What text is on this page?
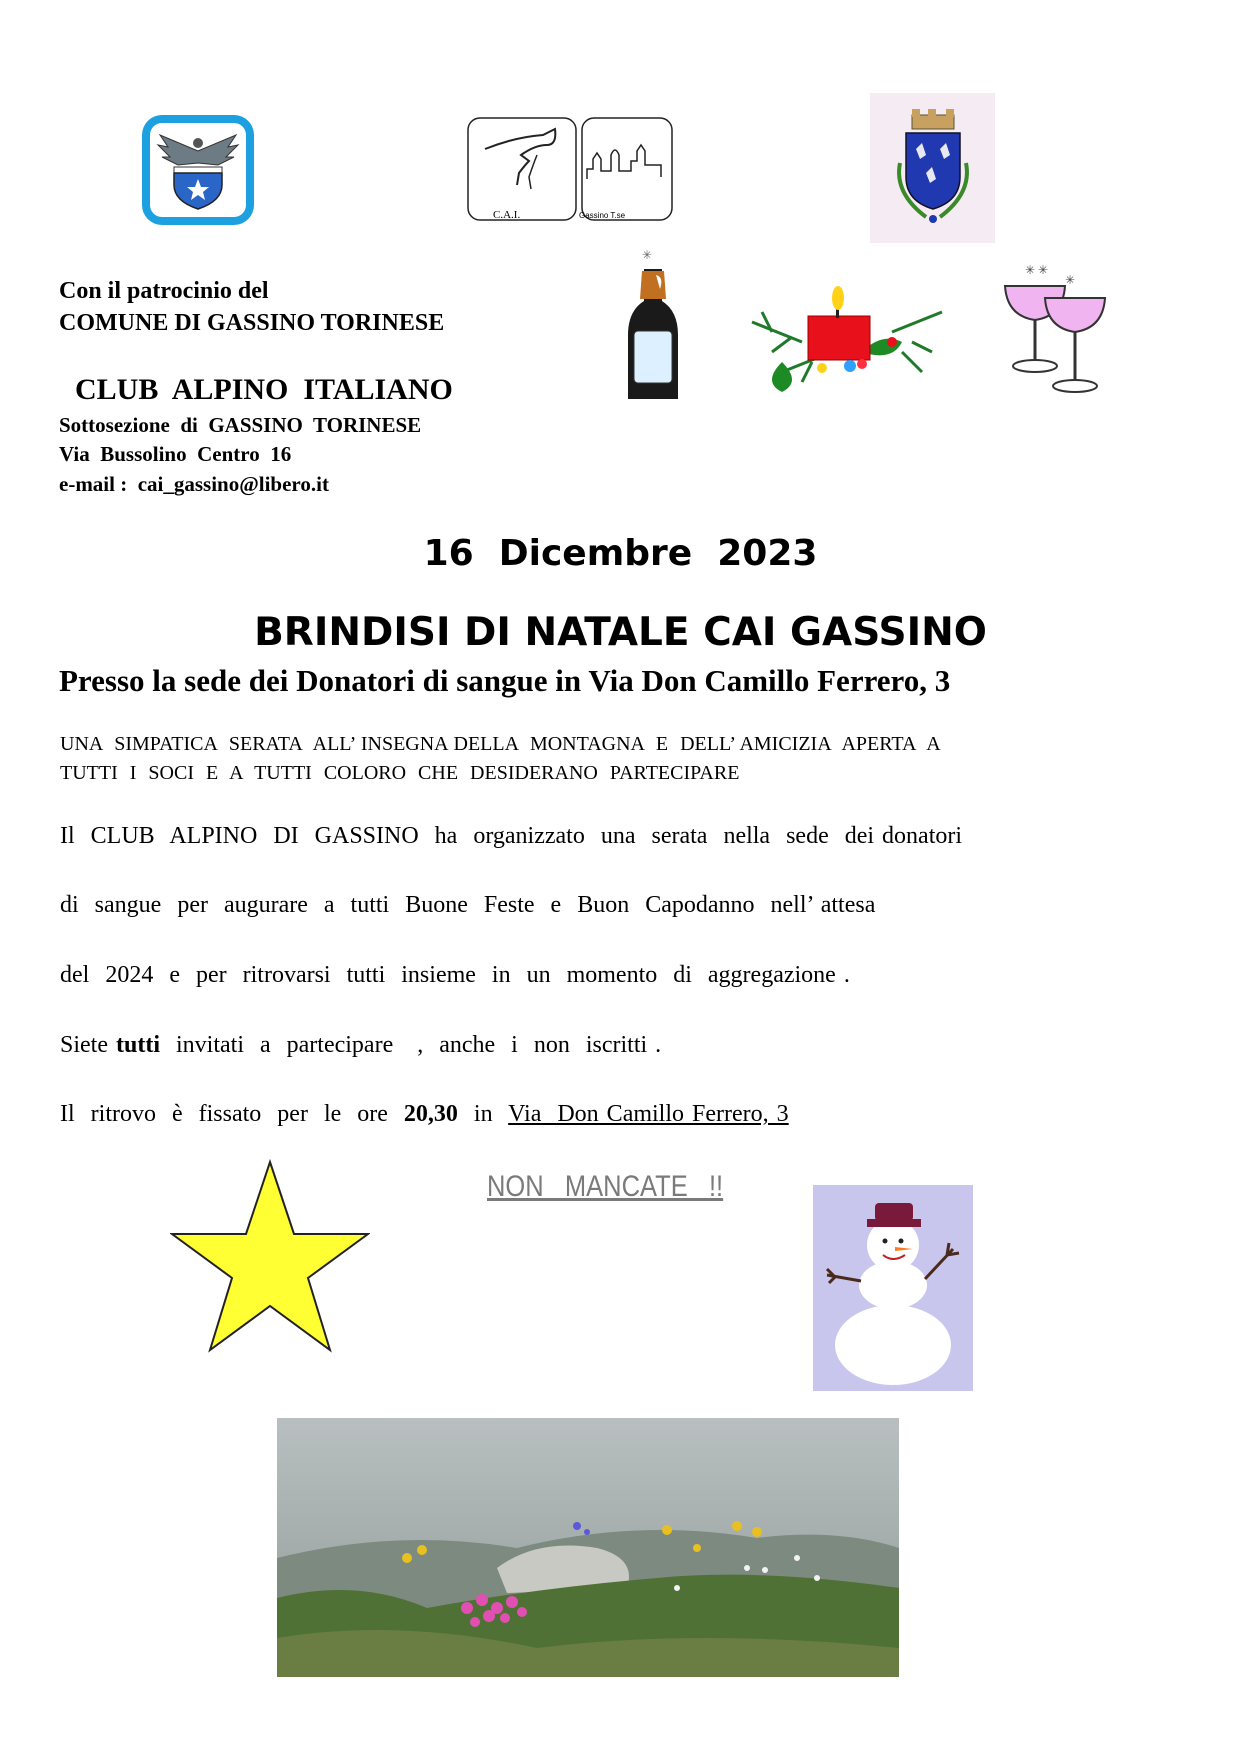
C.A.I.	Gassino T.se
✳
✳ ✳
✳
Con il patrocinio del
COMUNE DI GASSINO TORINESE
CLUB  ALPINO  ITALIANO
Sottosezione  di  GASSINO  TORINESE
Via  Bussolino  Centro  16
e-mail :  cai_gassino@libero.it
16  Dicembre  2023
BRINDISI DI NATALE CAI GASSINO
Presso la sede dei Donatori di sangue in Via Don Camillo Ferrero, 3
UNA  SIMPATICA  SERATA  ALL’ INSEGNA DELLA  MONTAGNA  E  DELL’ AMICIZIA  APERTA  A
TUTTI  I  SOCI  E  A  TUTTI  COLORO  CHE  DESIDERANO  PARTECIPARE
Il  CLUB  ALPINO  DI  GASSINO  ha  organizzato  una  serata  nella  sede  dei donatori
di  sangue  per  augurare  a  tutti  Buone  Feste  e  Buon  Capodanno  nell’ attesa
del  2024  e  per  ritrovarsi  tutti  insieme  in  un  momento  di  aggregazione .
Siete tutti  invitati  a  partecipare   ,  anche  i  non  iscritti .
Il  ritrovo  è  fissato  per  le  ore  20,30  in  Via  Don Camillo Ferrero, 3
NON   MANCATE   !!
